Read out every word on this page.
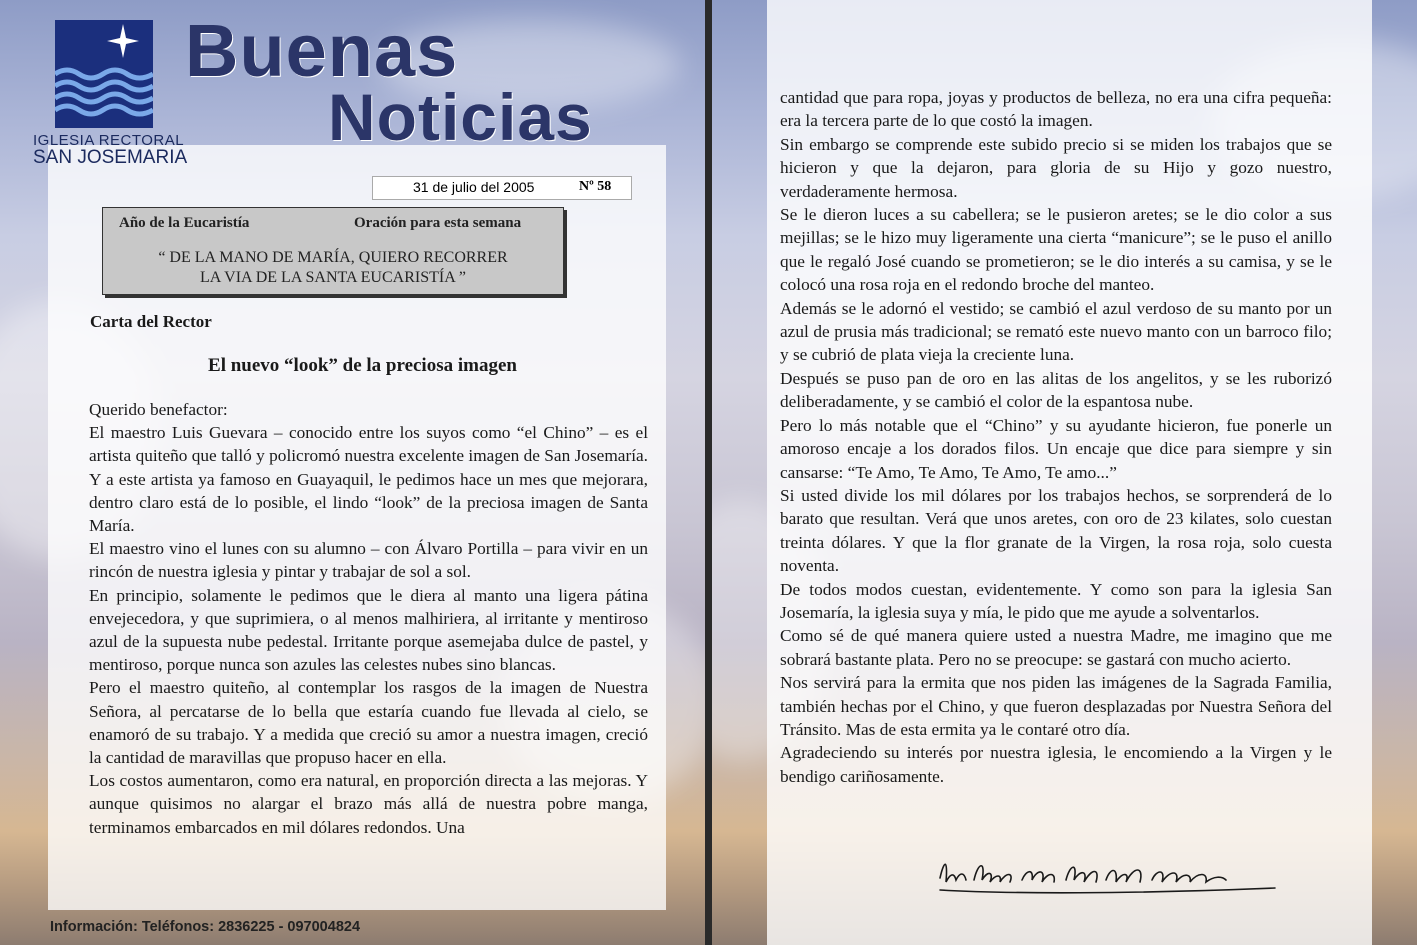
IGLESIA RECTORAL
SAN JOSEMARIA
Buenas
Noticias
31 de julio del 2005	Nº 58
Año de la Eucaristía	Oración para esta semana
“ DE LA MANO DE MARÍA, QUIERO RECORRER
LA VIA DE LA SANTA EUCARISTÍA ”
Carta del Rector
El nuevo “look” de la preciosa imagen

Querido benefactor:

El maestro Luis Guevara – conocido entre los suyos como “el Chino” – es el artista quiteño que talló y policromó nuestra excelente imagen de San Josemaría. Y a este artista ya famoso en Guayaquil, le pedimos hace un mes que mejorara, dentro claro está de lo posible, el lindo “look” de la preciosa imagen de Santa María.

El maestro vino el lunes con su alumno – con Álvaro Portilla – para vivir en un rincón de nuestra iglesia y pintar y trabajar de sol a sol.

En principio, solamente le pedimos que le diera al manto una ligera pátina envejecedora, y que suprimiera, o al menos malhiriera, al irritante y mentiroso azul de la supuesta nube pedestal. Irritante porque asemejaba dulce de pastel, y mentiroso, porque nunca son azules las celestes nubes sino blancas.

Pero el maestro quiteño, al contemplar los rasgos de la imagen de Nuestra Señora, al percatarse de lo bella que estaría cuando fue llevada al cielo, se enamoró de su trabajo. Y a medida que creció su amor a nuestra imagen, creció la cantidad de maravillas que propuso hacer en ella.

Los costos aumentaron, como era natural, en proporción directa a las mejoras. Y aunque quisimos no alargar el brazo más allá de nuestra pobre manga, terminamos embarcados en mil dólares redondos. Una

Información: Teléfonos: 2836225 - 097004824

cantidad que para ropa, joyas y productos de belleza, no era una cifra pequeña: era la tercera parte de lo que costó la imagen.

Sin embargo se comprende este subido precio si se miden los trabajos que se hicieron y que la dejaron, para gloria de su Hijo y gozo nuestro, verdaderamente hermosa.

Se le dieron luces a su cabellera; se le pusieron aretes; se le dio color a sus mejillas; se le hizo muy ligeramente una cierta “manicure”; se le puso el anillo que le regaló José cuando se prometieron; se le dio interés a su camisa, y se le colocó una rosa roja en el redondo broche del manteo.

Además se le adornó el vestido; se cambió el azul verdoso de su manto por un azul de prusia más tradicional; se remató este nuevo manto con un barroco filo; y se cubrió de plata vieja la creciente luna.

Después se puso pan de oro en las alitas de los angelitos, y se les ruborizó deliberadamente, y se cambió el color de la espantosa nube.

Pero lo más notable que el “Chino” y su ayudante hicieron, fue ponerle un amoroso encaje a los dorados filos. Un encaje que dice para siempre y sin cansarse: “Te Amo, Te Amo, Te Amo, Te amo...”

Si usted divide los mil dólares por los trabajos hechos, se sorprenderá de lo barato que resultan. Verá que unos aretes, con oro de 23 kilates, solo cuestan treinta dólares. Y que la flor granate de la Virgen, la rosa roja, solo cuesta noventa.

De todos modos cuestan, evidentemente. Y como son para la iglesia San Josemaría, la iglesia suya y mía, le pido que me ayude a solventarlos.

Como sé de qué manera quiere usted a nuestra Madre, me imagino que me sobrará bastante plata. Pero no se preocupe: se gastará con mucho acierto.

Nos servirá para la ermita que nos piden las imágenes de la Sagrada Familia, también hechas por el Chino, y que fueron desplazadas por Nuestra Señora del Tránsito. Mas de esta ermita ya le contaré otro día.

Agradeciendo su interés por nuestra iglesia, le encomiendo a la Virgen y le bendigo cariñosamente.
